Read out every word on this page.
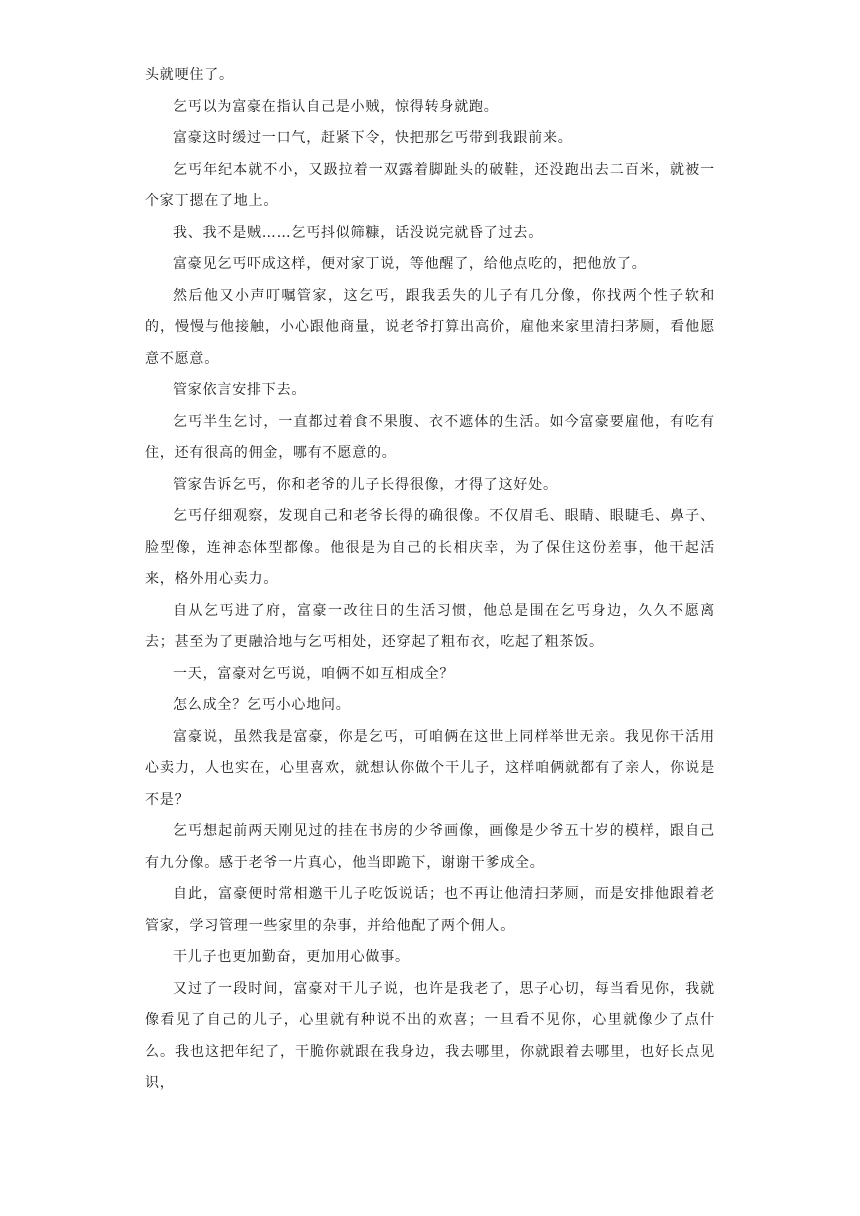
头就哽住了。

乞丐以为富豪在指认自己是小贼，惊得转身就跑。

富豪这时缓过一口气，赶紧下令，快把那乞丐带到我跟前来。

乞丐年纪本就不小，又趿拉着一双露着脚趾头的破鞋，还没跑出去二百米，就被一个家丁摁在了地上。

我、我不是贼……乞丐抖似筛糠，话没说完就昏了过去。

富豪见乞丐吓成这样，便对家丁说，等他醒了，给他点吃的，把他放了。

然后他又小声叮嘱管家，这乞丐，跟我丢失的儿子有几分像，你找两个性子软和的，慢慢与他接触，小心跟他商量，说老爷打算出高价，雇他来家里清扫茅厕，看他愿意不愿意。

管家依言安排下去。

乞丐半生乞讨，一直都过着食不果腹、衣不遮体的生活。如今富豪要雇他，有吃有住，还有很高的佣金，哪有不愿意的。

管家告诉乞丐，你和老爷的儿子长得很像，才得了这好处。

乞丐仔细观察，发现自己和老爷长得的确很像。不仅眉毛、眼睛、眼睫毛、鼻子、脸型像，连神态体型都像。他很是为自己的长相庆幸，为了保住这份差事，他干起活来，格外用心卖力。

自从乞丐进了府，富豪一改往日的生活习惯，他总是围在乞丐身边，久久不愿离去；甚至为了更融洽地与乞丐相处，还穿起了粗布衣，吃起了粗茶饭。

一天，富豪对乞丐说，咱俩不如互相成全？

怎么成全？乞丐小心地问。

富豪说，虽然我是富豪，你是乞丐，可咱俩在这世上同样举世无亲。我见你干活用心卖力，人也实在，心里喜欢，就想认你做个干儿子，这样咱俩就都有了亲人，你说是不是？

乞丐想起前两天刚见过的挂在书房的少爷画像，画像是少爷五十岁的模样，跟自己有九分像。感于老爷一片真心，他当即跪下，谢谢干爹成全。

自此，富豪便时常相邀干儿子吃饭说话；也不再让他清扫茅厕，而是安排他跟着老管家，学习管理一些家里的杂事，并给他配了两个佣人。

干儿子也更加勤奋，更加用心做事。

又过了一段时间，富豪对干儿子说，也许是我老了，思子心切，每当看见你，我就像看见了自己的儿子，心里就有种说不出的欢喜；一旦看不见你，心里就像少了点什么。我也这把年纪了，干脆你就跟在我身边，我去哪里，你就跟着去哪里，也好长点见识，
